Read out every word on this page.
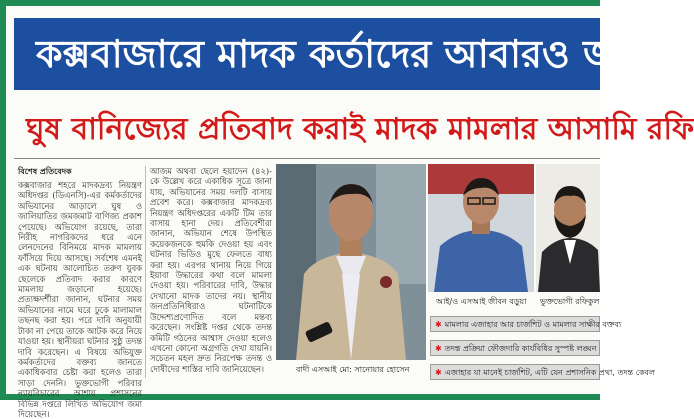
কক্সবাজারে মাদক কর্তাদের আবারও জঘন্য
ঘুষ বানিজ্যের প্রতিবাদ করাই মাদক মামলার আসামি রফি
বিশেষ প্রতিবেদক
কক্সবাজার শহরে মাদকদ্রব্য নিয়ন্ত্রণ অধিদপ্তর (ডিএনসি)-এর কর্মকর্তাদের অভিযানের আড়ালে ঘুষ ও জালিয়াতির জমজমাট বাণিজ্য প্রকাশ পেয়েছে। অভিযোগ রয়েছে, তারা নিরীহ নাগরিকদের ধরে এনে লেনদেনের বিনিময়ে মাদক মামলায় ফাঁসিয়ে দিয়ে আসছে। সর্বশেষ এমনই এক ঘটনায় আলোচিত তরুণ যুবক ছেলেকে প্রতিবাদ করার কারণে মামলায় জড়ানো হয়েছে। প্রত্যক্ষদর্শীরা জানান, ঘটনার সময় অভিযানের নামে ঘরে ঢুকে মালামাল তছনছ করা হয়। পরে দাবি অনুযায়ী টাকা না পেয়ে তাকে আটক করে নিয়ে যাওয়া হয়। স্থানীয়রা ঘটনার সুষ্ঠু তদন্ত দাবি করেছেন। এ বিষয়ে অভিযুক্ত কর্মকর্তাদের বক্তব্য জানতে একাধিকবার চেষ্টা করা হলেও তারা সাড়া দেননি। ভুক্তভোগী পরিবার ন্যায়বিচারের আশায় প্রশাসনের বিভিন্ন দপ্তরে লিখিত অভিযোগ জমা দিয়েছেন।
আজম অথবা ছেলে হয়াদেন (৪২)-কে উল্লেখ করে একাধিক সূত্রে জানা যায়, অভিযানের সময় দলটি বাসায় প্রবেশ করে। কক্সবাজার মাদকদ্রব্য নিয়ন্ত্রণ অধিদপ্তরের একটি টিম তার বাসায় হানা দেয়। প্রতিবেশীরা জানান, অভিযান শেষে উপস্থিত কয়েকজনকে হুমকি দেওয়া হয় এবং ঘটনার ভিডিও মুছে ফেলতে বাধ্য করা হয়। এরপর থানায় নিয়ে গিয়ে ইয়াবা উদ্ধারের কথা বলে মামলা দেওয়া হয়। পরিবারের দাবি, উদ্ধার দেখানো মাদক তাদের নয়। স্থানীয় জনপ্রতিনিধিরাও ঘটনাটিকে উদ্দেশ্যপ্রণোদিত বলে মন্তব্য করেছেন। সংশ্লিষ্ট দপ্তর থেকে তদন্ত কমিটি গঠনের আশ্বাস দেওয়া হলেও এখনো কোনো অগ্রগতি দেখা যায়নি। সচেতন মহল দ্রুত নিরপেক্ষ তদন্ত ও দোষীদের শাস্তির দাবি জানিয়েছেন।	বাদী এসআই মো: সানোয়ার হোসেন
আই/ও এসআই জীবন বড়ুয়া	ভুক্তভোগী রফিকুল
✱ মামলার এজাহার আর চার্জশিট ও মামলার সাক্ষীর বক্তব্য
✱ তদন্ত প্রক্রিয়া ফৌজদারি কার্যবিধির সুস্পষ্ট লঙ্ঘন
✱ এজাহার যা মানেই চার্জশিট, এটি যেন প্রশাসনিক প্রথা, তদন্ত কেবল
